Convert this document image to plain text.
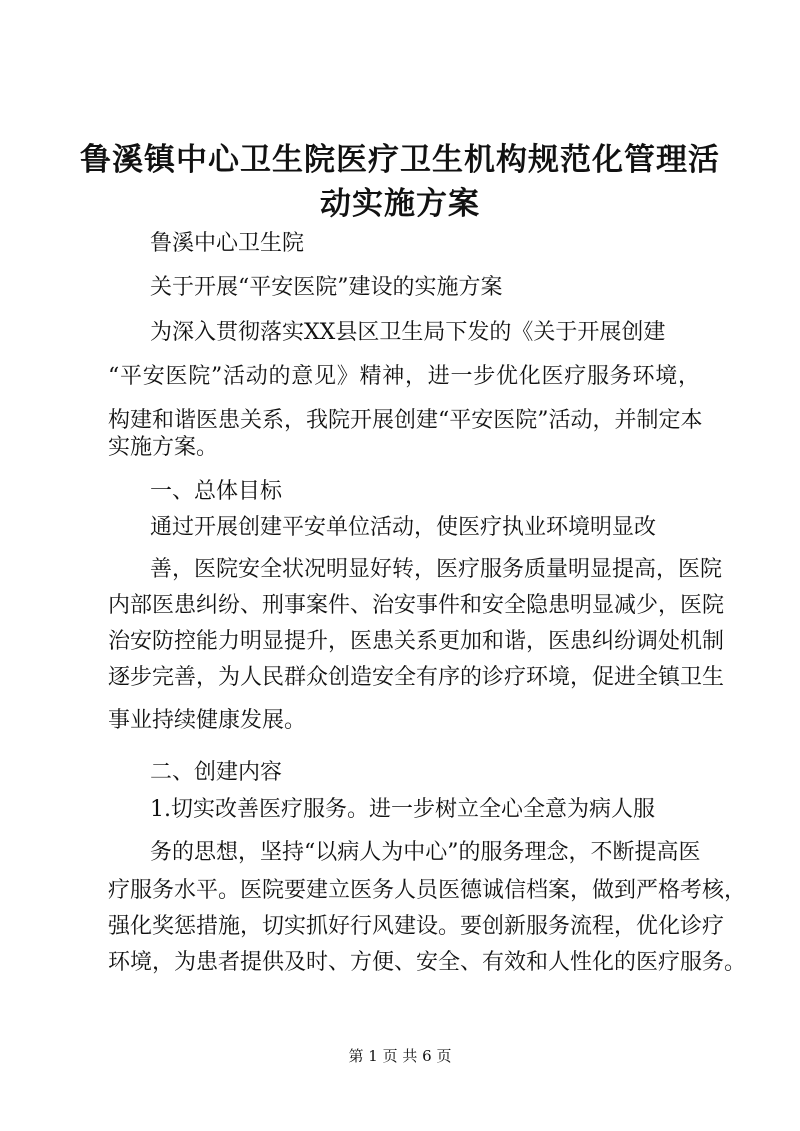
鲁溪镇中心卫生院医疗卫生机构规范化管理活
动实施方案
鲁溪中心卫生院
关于开展“平安医院”建设的实施方案
为深入贯彻落实XX县区卫生局下发的《关于开展创建
“平安医院”活动的意见》精神，进一步优化医疗服务环境，
构建和谐医患关系，我院开展创建“平安医院”活动，并制定本
实施方案。
一、总体目标
通过开展创建平安单位活动，使医疗执业环境明显改
善，医院安全状况明显好转，医疗服务质量明显提高，医院
内部医患纠纷、刑事案件、治安事件和安全隐患明显减少，医院
治安防控能力明显提升，医患关系更加和谐，医患纠纷调处机制
逐步完善，为人民群众创造安全有序的诊疗环境，促进全镇卫生
事业持续健康发展。
二、创建内容
1.切实改善医疗服务。进一步树立全心全意为病人服
务的思想，坚持“以病人为中心”的服务理念，不断提高医
疗服务水平。医院要建立医务人员医德诚信档案，做到严格考核，
强化奖惩措施，切实抓好行风建设。要创新服务流程，优化诊疗
环境，为患者提供及时、方便、安全、有效和人性化的医疗服务。
第 1 页 共 6 页
